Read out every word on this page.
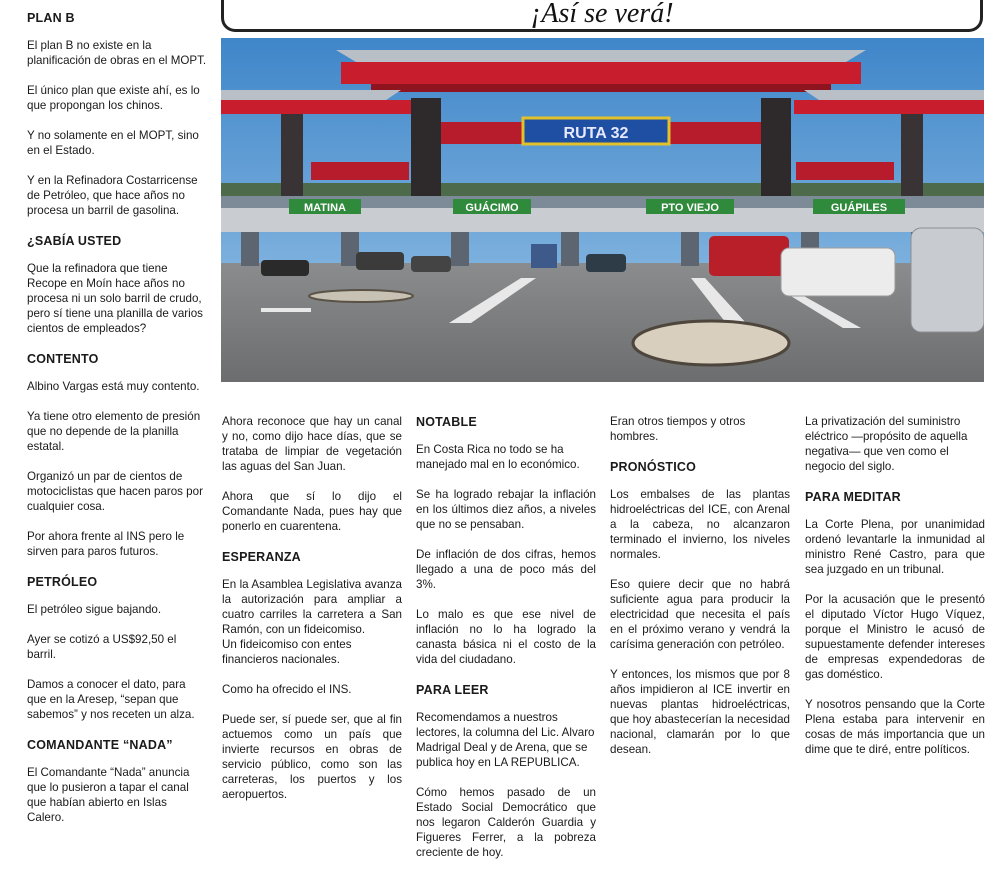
¡Así se verá!
MATINA	GUÁCIMO	PTO VIEJO	GUÁPILES
RUTA 32
PLAN B

El plan B no existe en la planificación de obras en el MOPT.

El único plan que existe ahí, es lo que propongan los chinos.

Y no solamente en el MOPT, sino en el Estado.

Y en la Refinadora Costarricense de Petróleo, que hace años no procesa un barril de gasolina.

¿SABÍA USTED

Que la refinadora que tiene Recope en Moín hace años no procesa ni un solo barril de crudo, pero sí tiene una planilla de varios cientos de empleados?

CONTENTO

Albino Vargas está muy contento.

Ya tiene otro elemento de presión que no depende de la planilla estatal.

Organizó un par de cientos de motociclistas que hacen paros por cualquier cosa.

Por ahora frente al INS pero le sirven para paros futuros.

PETRÓLEO

El petróleo sigue bajando.

Ayer se cotizó a US$92,50 el barril.

Damos a conocer el dato, para que en la Aresep, “sepan que sabemos” y nos receten un alza.

COMANDANTE “NADA”

El Comandante “Nada” anuncia que lo pusieron a tapar el canal que habían abierto en Islas Calero.

Ahora reconoce que hay un canal y no, como dijo hace días, que se trataba de limpiar de vegetación las aguas del San Juan.

Ahora que sí lo dijo el Comandante Nada, pues hay que ponerlo en cuarentena.

ESPERANZA

En la Asamblea Legislativa avanza la autorización para ampliar a cuatro carriles la carretera a San Ramón, con un fideicomiso.

Un fideicomiso con entes financieros nacionales.

Como ha ofrecido el INS.

Puede ser, sí puede ser, que al fin actuemos como un país que invierte recursos en obras de servicio público, como son las carreteras, los puertos y los aeropuertos.

NOTABLE

En Costa Rica no todo se ha manejado mal en lo económico.

Se ha logrado rebajar la inflación en los últimos diez años, a niveles que no se pensaban.

De inflación de dos cifras, hemos llegado a una de poco más del 3%.

Lo malo es que ese nivel de inflación no lo ha logrado la canasta básica ni el costo de la vida del ciudadano.

PARA LEER

Recomendamos a nuestros lectores, la columna del Lic. Alvaro Madrigal Deal y de Arena, que se publica hoy en LA REPUBLICA.

Cómo hemos pasado de un Estado Social Democrático que nos legaron Calderón Guardia y Figueres Ferrer, a la pobreza creciente de hoy.

Eran otros tiempos y otros hombres.

PRONÓSTICO

Los embalses de las plantas hidroeléctricas del ICE, con Arenal a la cabeza, no alcanzaron terminado el invierno, los niveles normales.

Eso quiere decir que no habrá suficiente agua para producir la electricidad que necesita el país en el próximo verano y vendrá la carísima generación con petróleo.

Y entonces, los mismos que por 8 años impidieron al ICE invertir en nuevas plantas hidroeléctricas, que hoy abastecerían la necesidad nacional, clamarán por lo que desean.

La privatización del suministro eléctrico —propósito de aquella negativa— que ven como el negocio del siglo.

PARA MEDITAR

La Corte Plena, por unanimidad ordenó levantarle la inmunidad al ministro René Castro, para que sea juzgado en un tribunal.

Por la acusación que le presentó el diputado Víctor Hugo Víquez, porque el Ministro le acusó de supuestamente defender intereses de empresas expendedoras de gas doméstico.

Y nosotros pensando que la Corte Plena estaba para intervenir en cosas de más importancia que un dime que te diré, entre políticos.
